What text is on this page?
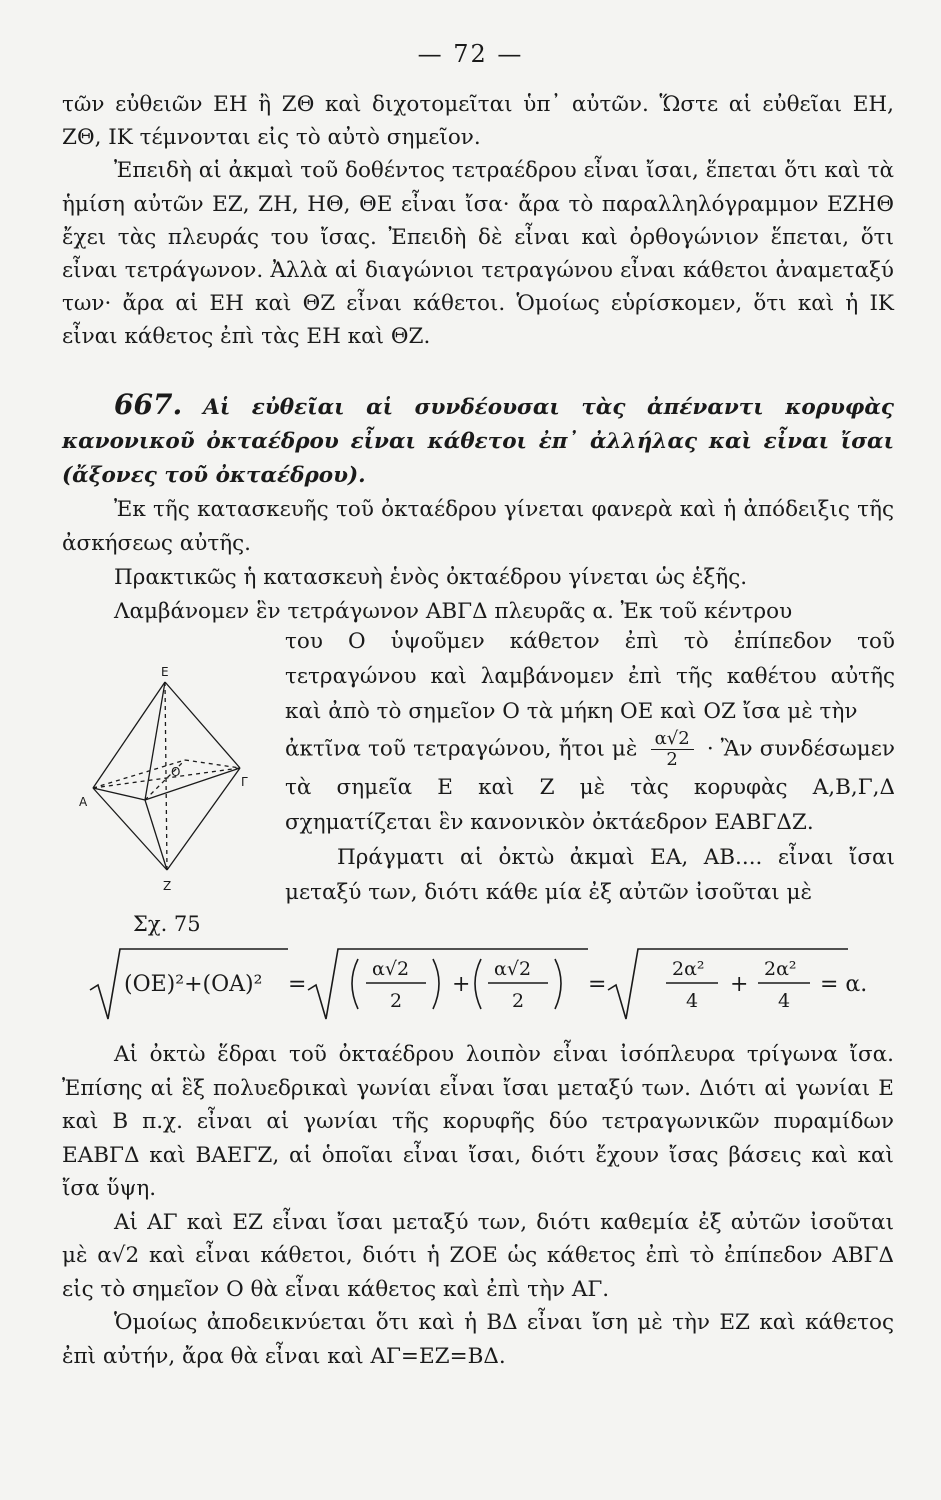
— 72 —

τῶν εὐθειῶν ΕΗ ἢ ΖΘ καὶ διχοτομεῖται ὑπ᾿ αὐτῶν. Ὥστε αἱ εὐθεῖαι ΕΗ, ΖΘ, ΙΚ τέμνονται εἰς τὸ αὐτὸ σημεῖον.

Ἐπειδὴ αἱ ἀκμαὶ τοῦ δοθέντος τετραέδρου εἶναι ἴσαι, ἕπεται ὅτι καὶ τὰ ἡμίση αὐτῶν ΕΖ, ΖΗ, ΗΘ, ΘΕ εἶναι ἴσα· ἄρα τὸ παραλληλόγραμμον ΕΖΗΘ ἔχει τὰς πλευράς του ἴσας. Ἐπειδὴ δὲ εἶναι καὶ ὀρθογώνιον ἕπεται, ὅτι εἶναι τετράγωνον. Ἀλλὰ αἱ διαγώνιοι τετραγώνου εἶναι κάθετοι ἀναμεταξύ των· ἄρα αἱ ΕΗ καὶ ΘΖ εἶναι κάθετοι. Ὁμοίως εὑρίσκομεν, ὅτι καὶ ἡ ΙΚ εἶναι κάθετος ἐπὶ τὰς ΕΗ καὶ ΘΖ.

667. Αἱ εὐθεῖαι αἱ συνδέουσαι τὰς ἀπέναντι κορυφὰς κανονικοῦ ὀκταέδρου εἶναι κάθετοι ἐπ᾿ ἀλλήλας καὶ εἶναι ἴσαι (ἄξονες τοῦ ὀκταέδρου).

Ἐκ τῆς κατασκευῆς τοῦ ὀκταέδρου γίνεται φανερὰ καὶ ἡ ἀπόδειξις τῆς ἀσκήσεως αὐτῆς.

Πρακτικῶς ἡ κατασκευὴ ἑνὸς ὀκταέδρου γίνεται ὡς ἑξῆς.

Λαμβάνομεν ἓν τετράγωνον ΑΒΓΔ πλευρᾶς α. Ἐκ τοῦ κέντρου

E
A
Γ
O
Z
Σχ. 75

του Ο ὑψοῦμεν κάθετον ἐπὶ τὸ ἐπίπεδον τοῦ τετραγώνου καὶ λαμβάνομεν ἐπὶ τῆς καθέτου αὐτῆς καὶ ἀπὸ τὸ σημεῖον Ο τὰ μήκη ΟΕ καὶ ΟΖ ἴσα μὲ τὴν

ἀκτῖνα τοῦ τετραγώνου, ἤτοι μὲ $\frac{\alpha√2}{2}$ · Ἂν συνδέσωμεν τὰ σημεῖα Ε καὶ Ζ μὲ τὰς κορυφὰς Α,Β,Γ,Δ σχηματίζεται ἓν κανονικὸν ὀκτάεδρον ΕΑΒΓΔΖ.

Πράγματι αἱ ὀκτὼ ἀκμαὶ ΕΑ, ΑΒ.... εἶναι ἴσαι μεταξύ των, διότι κάθε μία ἐξ αὐτῶν ἰσοῦται μὲ

(ΟΕ)²+(ΟΑ)² =
α√2
2
+
α√2
2
=
2α²
4
+
2α²
4
= α.

Αἱ ὀκτὼ ἕδραι τοῦ ὀκταέδρου λοιπὸν εἶναι ἰσόπλευρα τρίγωνα ἴσα. Ἐπίσης αἱ ἓξ πολυεδρικαὶ γωνίαι εἶναι ἴσαι μεταξύ των. Διότι αἱ γωνίαι Ε καὶ Β π.χ. εἶναι αἱ γωνίαι τῆς κορυφῆς δύο τετραγωνικῶν πυραμίδων ΕΑΒΓΔ καὶ ΒΑΕΓΖ, αἱ ὁποῖαι εἶναι ἴσαι, διότι ἔχουν ἴσας βάσεις καὶ καὶ ἴσα ὕψη.

Αἱ ΑΓ καὶ ΕΖ εἶναι ἴσαι μεταξύ των, διότι καθεμία ἐξ αὐτῶν ἰσοῦται μὲ α√2 καὶ εἶναι κάθετοι, διότι ἡ ΖΟΕ ὡς κάθετος ἐπὶ τὸ ἐπίπεδον ΑΒΓΔ εἰς τὸ σημεῖον Ο θὰ εἶναι κάθετος καὶ ἐπὶ τὴν ΑΓ.

Ὁμοίως ἀποδεικνύεται ὅτι καὶ ἡ ΒΔ εἶναι ἴση μὲ τὴν ΕΖ καὶ κάθετος ἐπὶ αὐτήν, ἄρα θὰ εἶναι καὶ ΑΓ=ΕΖ=ΒΔ.
